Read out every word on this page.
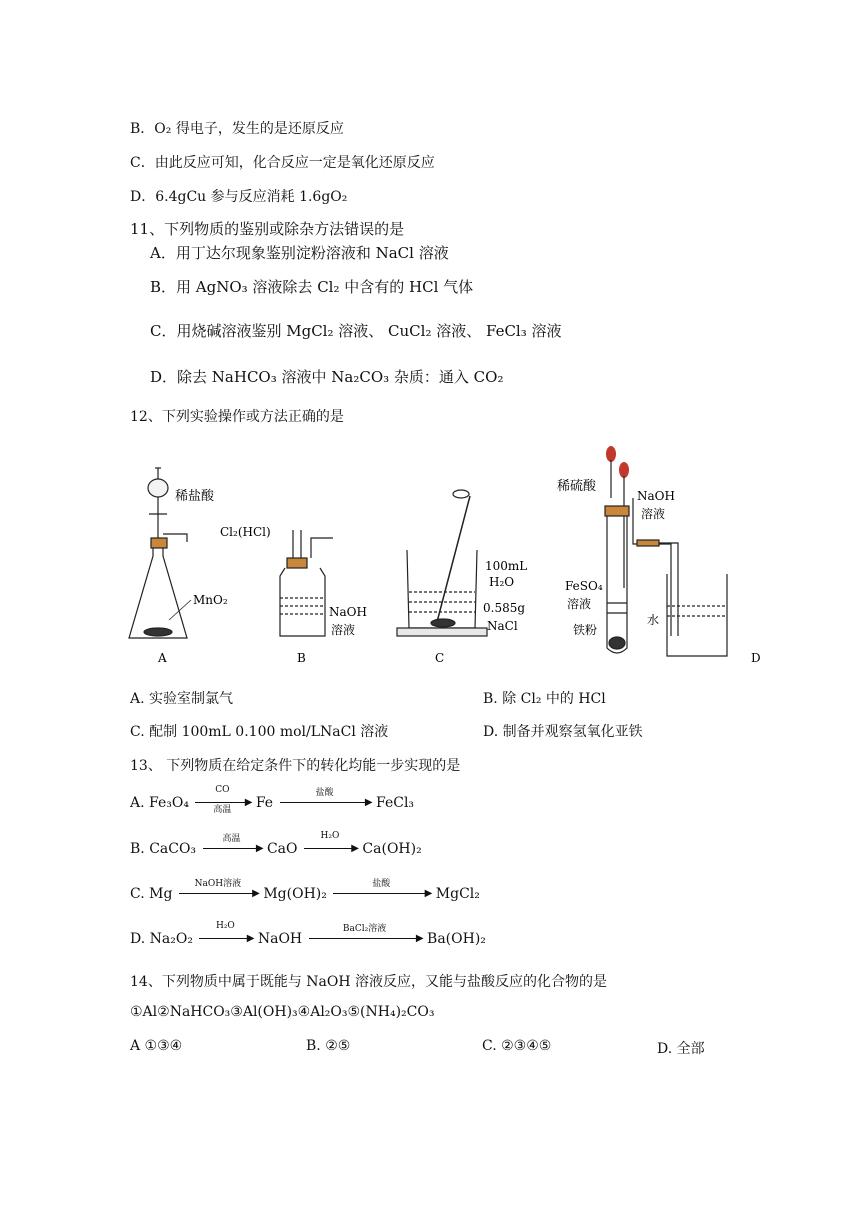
B．O₂ 得电子，发生的是还原反应
C．由此反应可知，化合反应一定是氧化还原反应
D．6.4gCu 参与反应消耗 1.6gO₂
11、下列物质的鉴别或除杂方法错误的是
A．用丁达尔现象鉴别淀粉溶液和 NaCl 溶液
B．用 AgNO₃ 溶液除去 Cl₂ 中含有的 HCl 气体
C．用烧碱溶液鉴别 MgCl₂ 溶液、 CuCl₂ 溶液、 FeCl₃ 溶液
D．除去 NaHCO₃ 溶液中 Na₂CO₃ 杂质：通入 CO₂
12、下列实验操作或方法正确的是
稀盐酸
MnO₂
A
Cl₂(HCl)
NaOH
溶液
B
100mL
H₂O
0.585g
NaCl
C
稀硫酸
NaOH
溶液
FeSO₄
溶液
铁粉
水
D
A. 实验室制氯气	B. 除 Cl₂ 中的 HCl
C. 配制 100mL 0.100 mol/LNaCl 溶液	D. 制备并观察氢氧化亚铁
13、 下列物质在给定条件下的转化均能一步实现的是
A. Fe₃O₄
CO
高温
▶ Fe
盐酸
▶ FeCl₃
B. CaCO₃
高温
▶ CaO
H₂O
▶ Ca(OH)₂
C. Mg
NaOH溶液
▶ Mg(OH)₂
盐酸
▶ MgCl₂
D. Na₂O₂
H₂O
▶ NaOH
BaCl₂溶液
▶ Ba(OH)₂
14、下列物质中属于既能与 NaOH 溶液反应，又能与盐酸反应的化合物的是
①Al②NaHCO₃③Al(OH)₃④Al₂O₃⑤(NH₄)₂CO₃
A ①③④	B. ②⑤	C. ②③④⑤	D. 全部
